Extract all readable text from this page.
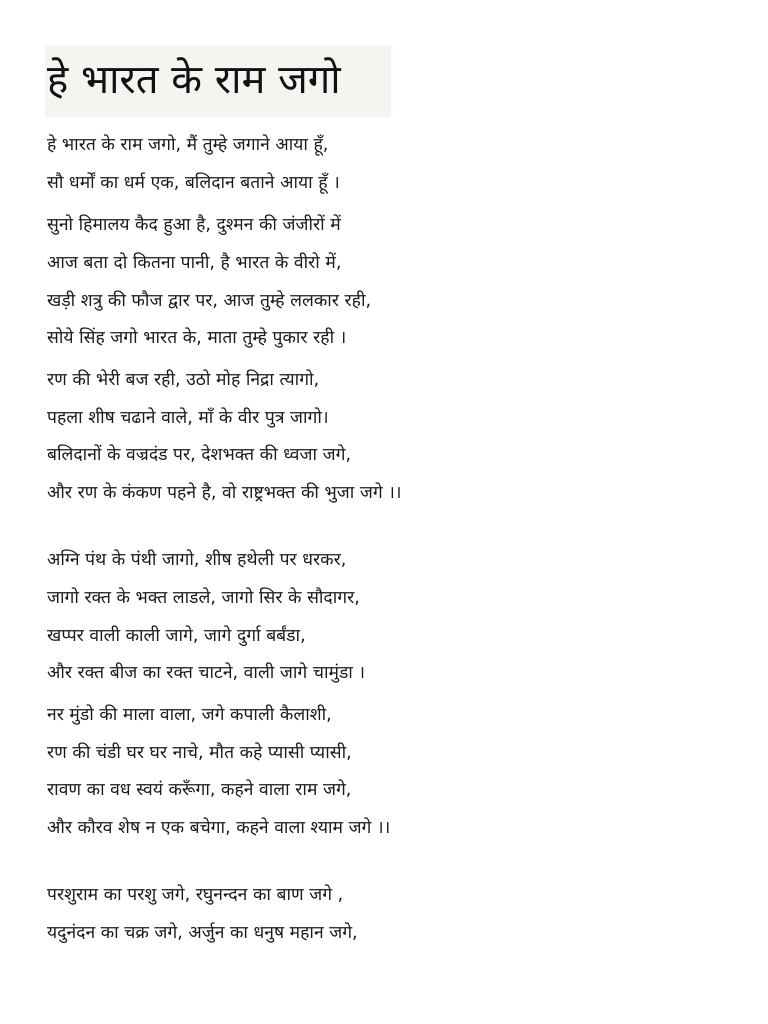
हे भारत के राम जगो
हे भारत के राम जगो, मैं तुम्हे जगाने आया हूँ,
सौ धर्मों का धर्म एक, बलिदान बताने आया हूँ ।
सुनो हिमालय कैद हुआ है, दुश्मन की जंजीरों में
आज बता दो कितना पानी, है भारत के वीरो में,
खड़ी शत्रु की फौज द्वार पर, आज तुम्हे ललकार रही,
सोये सिंह जगो भारत के, माता तुम्हे पुकार रही ।
रण की भेरी बज रही, उठो मोह निद्रा त्यागो,
पहला शीष चढाने वाले, माँ के वीर पुत्र जागो।
बलिदानों के वज्रदंड पर, देशभक्त की ध्वजा जगे,
और रण के कंकण पहने है, वो राष्ट्रभक्त की भुजा जगे ।।
अग्नि पंथ के पंथी जागो, शीष हथेली पर धरकर,
जागो रक्त के भक्त लाडले, जागो सिर के सौदागर,
खप्पर वाली काली जागे, जागे दुर्गा बर्बंडा,
और रक्त बीज का रक्त चाटने, वाली जागे चामुंडा ।
नर मुंडो की माला वाला, जगे कपाली कैलाशी,
रण की चंडी घर घर नाचे, मौत कहे प्यासी प्यासी,
रावण का वध स्वयं करूँगा, कहने वाला राम जगे,
और कौरव शेष न एक बचेगा, कहने वाला श्याम जगे ।।
परशुराम का परशु जगे, रघुनन्दन का बाण जगे ,
यदुनंदन का चक्र जगे, अर्जुन का धनुष महान जगे,
